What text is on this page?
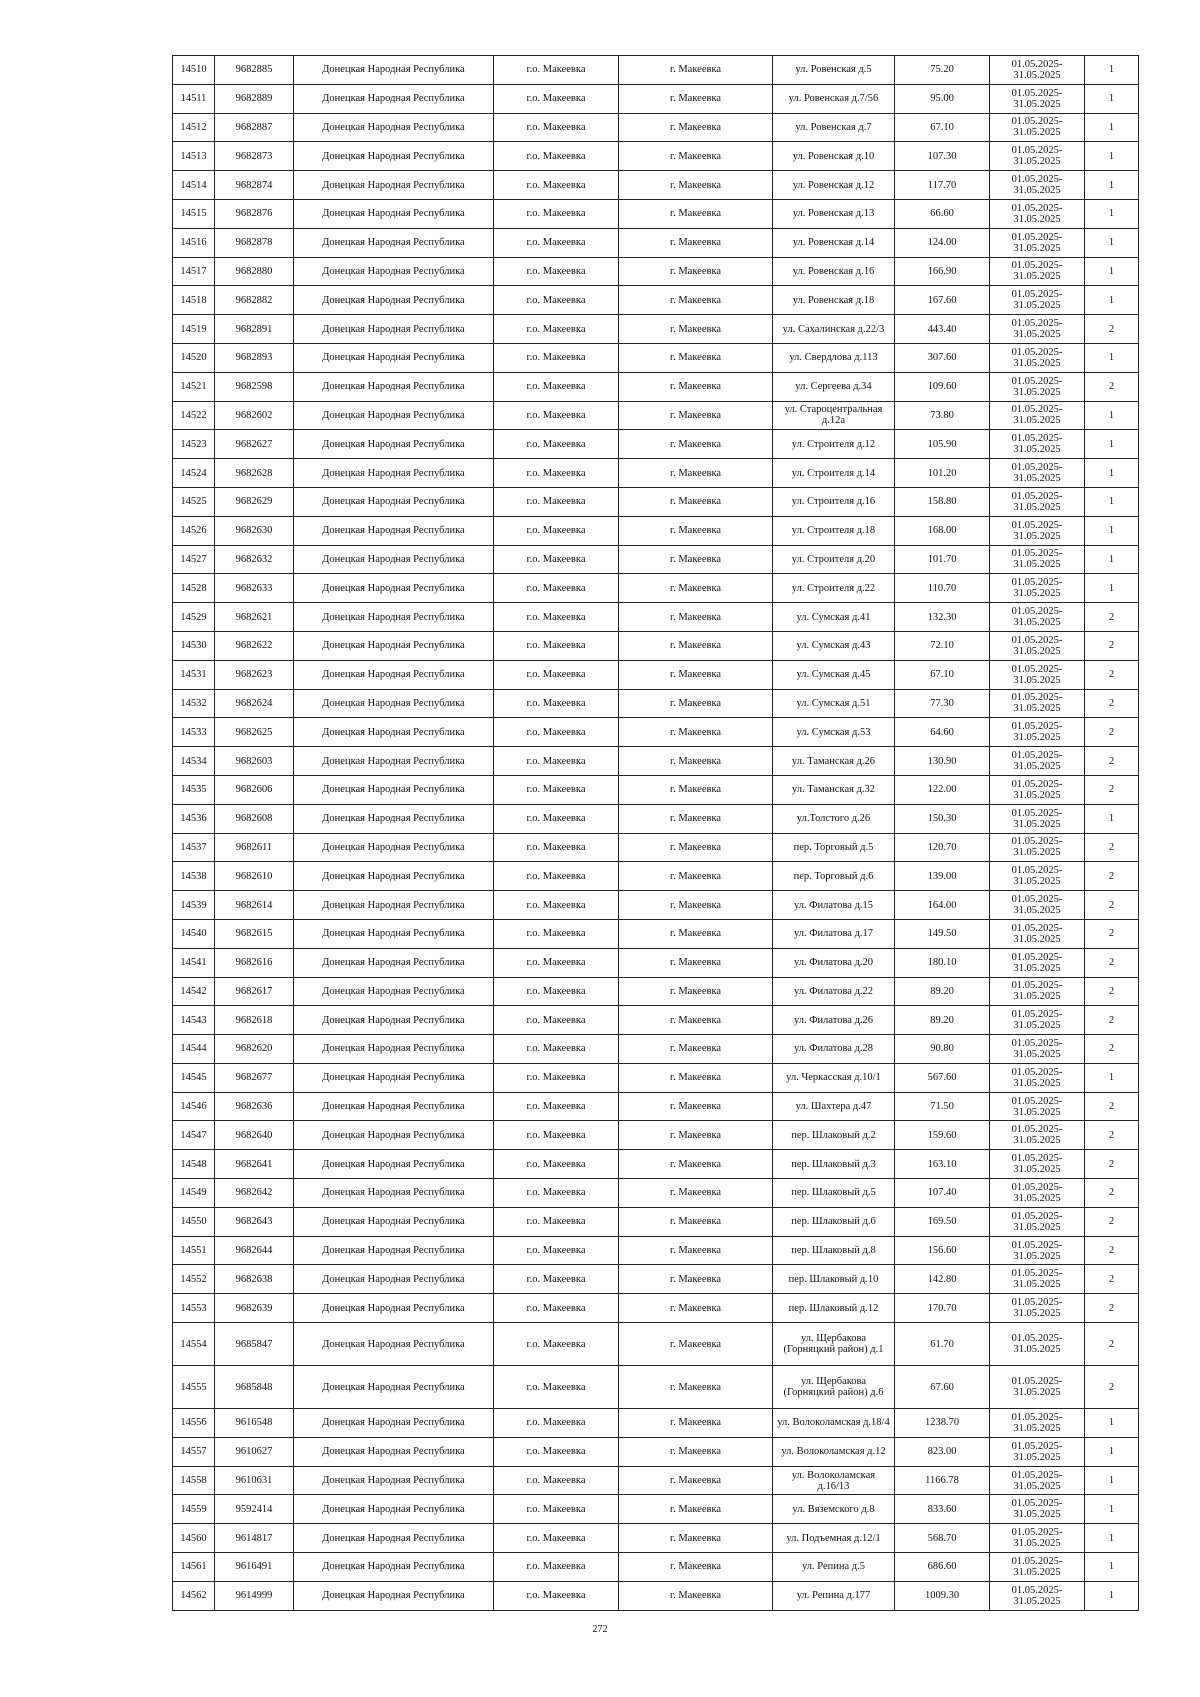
14510	9682885	Донецкая Народная Республика	г.о. Макеевка	г. Макеевка	ул. Ровенская д.5	75.20	01.05.2025-31.05.2025	1
14511	9682889	Донецкая Народная Республика	г.о. Макеевка	г. Макеевка	ул. Ровенская д.7/56	95.00	01.05.2025-31.05.2025	1
14512	9682887	Донецкая Народная Республика	г.о. Макеевка	г. Макеевка	ул. Ровенская д.7	67.10	01.05.2025-31.05.2025	1
14513	9682873	Донецкая Народная Республика	г.о. Макеевка	г. Макеевка	ул. Ровенская д.10	107.30	01.05.2025-31.05.2025	1
14514	9682874	Донецкая Народная Республика	г.о. Макеевка	г. Макеевка	ул. Ровенская д.12	117.70	01.05.2025-31.05.2025	1
14515	9682876	Донецкая Народная Республика	г.о. Макеевка	г. Макеевка	ул. Ровенская д.13	66.60	01.05.2025-31.05.2025	1
14516	9682878	Донецкая Народная Республика	г.о. Макеевка	г. Макеевка	ул. Ровенская д.14	124.00	01.05.2025-31.05.2025	1
14517	9682880	Донецкая Народная Республика	г.о. Макеевка	г. Макеевка	ул. Ровенская д.16	166.90	01.05.2025-31.05.2025	1
14518	9682882	Донецкая Народная Республика	г.о. Макеевка	г. Макеевка	ул. Ровенская д.18	167.60	01.05.2025-31.05.2025	1
14519	9682891	Донецкая Народная Республика	г.о. Макеевка	г. Макеевка	ул. Сахалинская д.22/3	443.40	01.05.2025-31.05.2025	2
14520	9682893	Донецкая Народная Республика	г.о. Макеевка	г. Макеевка	ул. Свердлова д.113	307.60	01.05.2025-31.05.2025	1
14521	9682598	Донецкая Народная Республика	г.о. Макеевка	г. Макеевка	ул. Сергеева д.34	109.60	01.05.2025-31.05.2025	2
14522	9682602	Донецкая Народная Республика	г.о. Макеевка	г. Макеевка	ул. Староцентральная д.12а	73.80	01.05.2025-31.05.2025	1
14523	9682627	Донецкая Народная Республика	г.о. Макеевка	г. Макеевка	ул. Строителя д.12	105.90	01.05.2025-31.05.2025	1
14524	9682628	Донецкая Народная Республика	г.о. Макеевка	г. Макеевка	ул. Строителя д.14	101.20	01.05.2025-31.05.2025	1
14525	9682629	Донецкая Народная Республика	г.о. Макеевка	г. Макеевка	ул. Строителя д.16	158.80	01.05.2025-31.05.2025	1
14526	9682630	Донецкая Народная Республика	г.о. Макеевка	г. Макеевка	ул. Строителя д.18	168.00	01.05.2025-31.05.2025	1
14527	9682632	Донецкая Народная Республика	г.о. Макеевка	г. Макеевка	ул. Строителя д.20	101.70	01.05.2025-31.05.2025	1
14528	9682633	Донецкая Народная Республика	г.о. Макеевка	г. Макеевка	ул. Строителя д.22	110.70	01.05.2025-31.05.2025	1
14529	9682621	Донецкая Народная Республика	г.о. Макеевка	г. Макеевка	ул. Сумская д.41	132.30	01.05.2025-31.05.2025	2
14530	9682622	Донецкая Народная Республика	г.о. Макеевка	г. Макеевка	ул. Сумская д.43	72.10	01.05.2025-31.05.2025	2
14531	9682623	Донецкая Народная Республика	г.о. Макеевка	г. Макеевка	ул. Сумская д.45	67.10	01.05.2025-31.05.2025	2
14532	9682624	Донецкая Народная Республика	г.о. Макеевка	г. Макеевка	ул. Сумская д.51	77.30	01.05.2025-31.05.2025	2
14533	9682625	Донецкая Народная Республика	г.о. Макеевка	г. Макеевка	ул. Сумская д.53	64.60	01.05.2025-31.05.2025	2
14534	9682603	Донецкая Народная Республика	г.о. Макеевка	г. Макеевка	ул. Таманская д.26	130.90	01.05.2025-31.05.2025	2
14535	9682606	Донецкая Народная Республика	г.о. Макеевка	г. Макеевка	ул. Таманская д.32	122.00	01.05.2025-31.05.2025	2
14536	9682608	Донецкая Народная Республика	г.о. Макеевка	г. Макеевка	ул.Толстого д.26	150.30	01.05.2025-31.05.2025	1
14537	9682611	Донецкая Народная Республика	г.о. Макеевка	г. Макеевка	пер. Торговый д.5	120.70	01.05.2025-31.05.2025	2
14538	9682610	Донецкая Народная Республика	г.о. Макеевка	г. Макеевка	пер. Торговый д.6	139.00	01.05.2025-31.05.2025	2
14539	9682614	Донецкая Народная Республика	г.о. Макеевка	г. Макеевка	ул. Филатова д.15	164.00	01.05.2025-31.05.2025	2
14540	9682615	Донецкая Народная Республика	г.о. Макеевка	г. Макеевка	ул. Филатова д.17	149.50	01.05.2025-31.05.2025	2
14541	9682616	Донецкая Народная Республика	г.о. Макеевка	г. Макеевка	ул. Филатова д.20	180.10	01.05.2025-31.05.2025	2
14542	9682617	Донецкая Народная Республика	г.о. Макеевка	г. Макеевка	ул. Филатова д.22	89.20	01.05.2025-31.05.2025	2
14543	9682618	Донецкая Народная Республика	г.о. Макеевка	г. Макеевка	ул. Филатова д.26	89.20	01.05.2025-31.05.2025	2
14544	9682620	Донецкая Народная Республика	г.о. Макеевка	г. Макеевка	ул. Филатова д.28	90.80	01.05.2025-31.05.2025	2
14545	9682677	Донецкая Народная Республика	г.о. Макеевка	г. Макеевка	ул. Черкасская д.10/1	567.60	01.05.2025-31.05.2025	1
14546	9682636	Донецкая Народная Республика	г.о. Макеевка	г. Макеевка	ул. Шахтера д.47	71.50	01.05.2025-31.05.2025	2
14547	9682640	Донецкая Народная Республика	г.о. Макеевка	г. Макеевка	пер. Шлаковый д.2	159.60	01.05.2025-31.05.2025	2
14548	9682641	Донецкая Народная Республика	г.о. Макеевка	г. Макеевка	пер. Шлаковый д.3	163.10	01.05.2025-31.05.2025	2
14549	9682642	Донецкая Народная Республика	г.о. Макеевка	г. Макеевка	пер. Шлаковый д.5	107.40	01.05.2025-31.05.2025	2
14550	9682643	Донецкая Народная Республика	г.о. Макеевка	г. Макеевка	пер. Шлаковый д.6	169.50	01.05.2025-31.05.2025	2
14551	9682644	Донецкая Народная Республика	г.о. Макеевка	г. Макеевка	пер. Шлаковый д.8	156.60	01.05.2025-31.05.2025	2
14552	9682638	Донецкая Народная Республика	г.о. Макеевка	г. Макеевка	пер. Шлаковый д.10	142.80	01.05.2025-31.05.2025	2
14553	9682639	Донецкая Народная Республика	г.о. Макеевка	г. Макеевка	пер. Шлаковый д.12	170.70	01.05.2025-31.05.2025	2
14554	9685847	Донецкая Народная Республика	г.о. Макеевка	г. Макеевка	ул. Щербакова (Горняцкий район) д.1	61.70	01.05.2025-31.05.2025	2
14555	9685848	Донецкая Народная Республика	г.о. Макеевка	г. Макеевка	ул. Щербакова (Горняцкий район) д.6	67.60	01.05.2025-31.05.2025	2
14556	9616548	Донецкая Народная Республика	г.о. Макеевка	г. Макеевка	ул. Волоколамская д.18/4	1238.70	01.05.2025-31.05.2025	1
14557	9610627	Донецкая Народная Республика	г.о. Макеевка	г. Макеевка	ул. Волоколамская д.12	823.00	01.05.2025-31.05.2025	1
14558	9610631	Донецкая Народная Республика	г.о. Макеевка	г. Макеевка	ул. Волоколамская д.16/13	1166.78	01.05.2025-31.05.2025	1
14559	9592414	Донецкая Народная Республика	г.о. Макеевка	г. Макеевка	ул. Вяземского д.8	833.60	01.05.2025-31.05.2025	1
14560	9614817	Донецкая Народная Республика	г.о. Макеевка	г. Макеевка	ул. Подъемная д.12/1	568.70	01.05.2025-31.05.2025	1
14561	9616491	Донецкая Народная Республика	г.о. Макеевка	г. Макеевка	ул. Репина д.5	686.60	01.05.2025-31.05.2025	1
14562	9614999	Донецкая Народная Республика	г.о. Макеевка	г. Макеевка	ул. Репина д.177	1009.30	01.05.2025-31.05.2025	1
272
